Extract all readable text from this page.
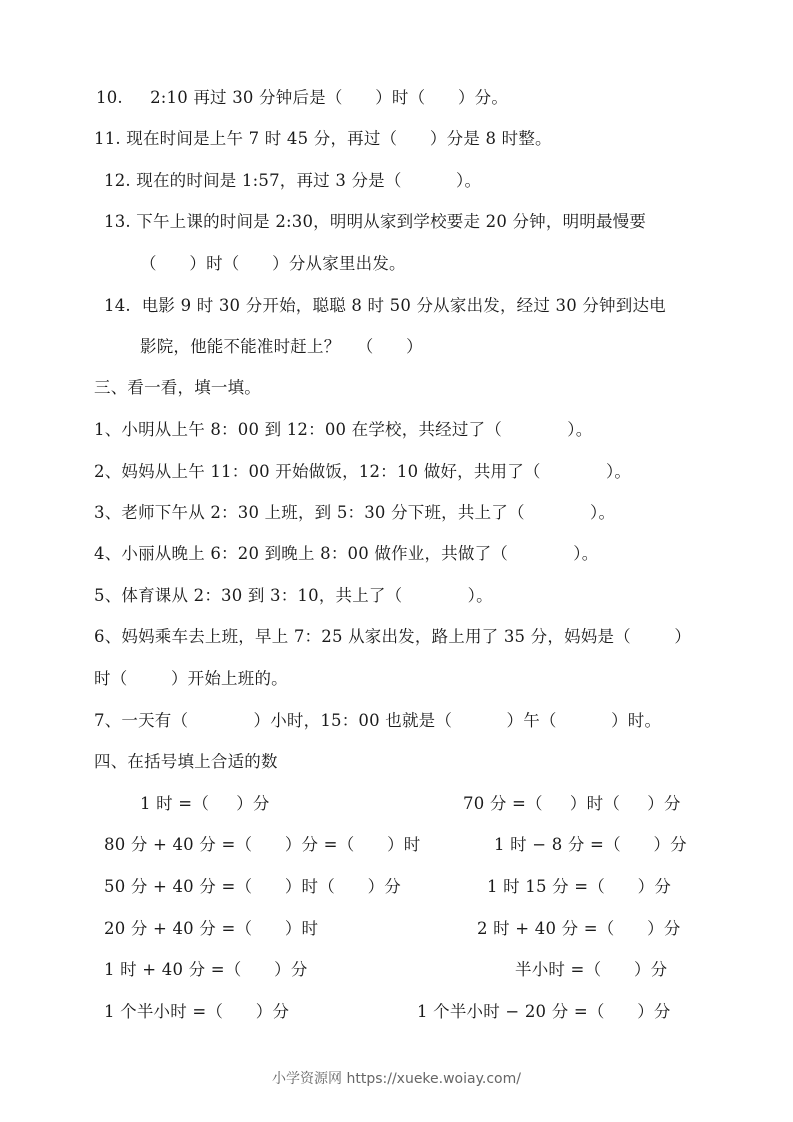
10.     2:10 再过 30 分钟后是（      ）时（      ）分。
11. 现在时间是上午 7 时 45 分，再过（      ）分是 8 时整。
12. 现在的时间是 1:57，再过 3 分是（          ）。
13. 下午上课的时间是 2:30，明明从家到学校要走 20 分钟，明明最慢要
（      ）时（      ）分从家里出发。
14.  电影 9 时 30 分开始，聪聪 8 时 50 分从家出发，经过 30 分钟到达电
影院，他能不能准时赶上？   （      ）
三、看一看，填一填。
1、小明从上午 8：00 到 12：00 在学校，共经过了（            ）。
2、妈妈从上午 11：00 开始做饭，12：10 做好，共用了（            ）。
3、老师下午从 2：30 上班，到 5：30 分下班，共上了（            ）。
4、小丽从晚上 6：20 到晚上 8：00 做作业，共做了（            ）。
5、体育课从 2：30 到 3：10，共上了（            ）。
6、妈妈乘车去上班，早上 7：25 从家出发，路上用了 35 分，妈妈是（        ）
时（        ）开始上班的。
7、一天有（            ）小时，15：00 也就是（          ）午（          ）时。
四、在括号填上合适的数
1 时 =（     ）分	70 分 =（     ）时（     ）分
80 分 + 40 分 =（      ）分 =（      ）时	1 时 − 8 分 =（      ）分
50 分 + 40 分 =（      ）时（      ）分	1 时 15 分 =（      ）分
20 分 + 40 分 =（      ）时	2 时 + 40 分 =（      ）分
1 时 + 40 分 =（      ）分	半小时 =（      ）分
1 个半小时 =（      ）分	1 个半小时 − 20 分 =（      ）分
小学资源网 https://xueke.woiay.com/
